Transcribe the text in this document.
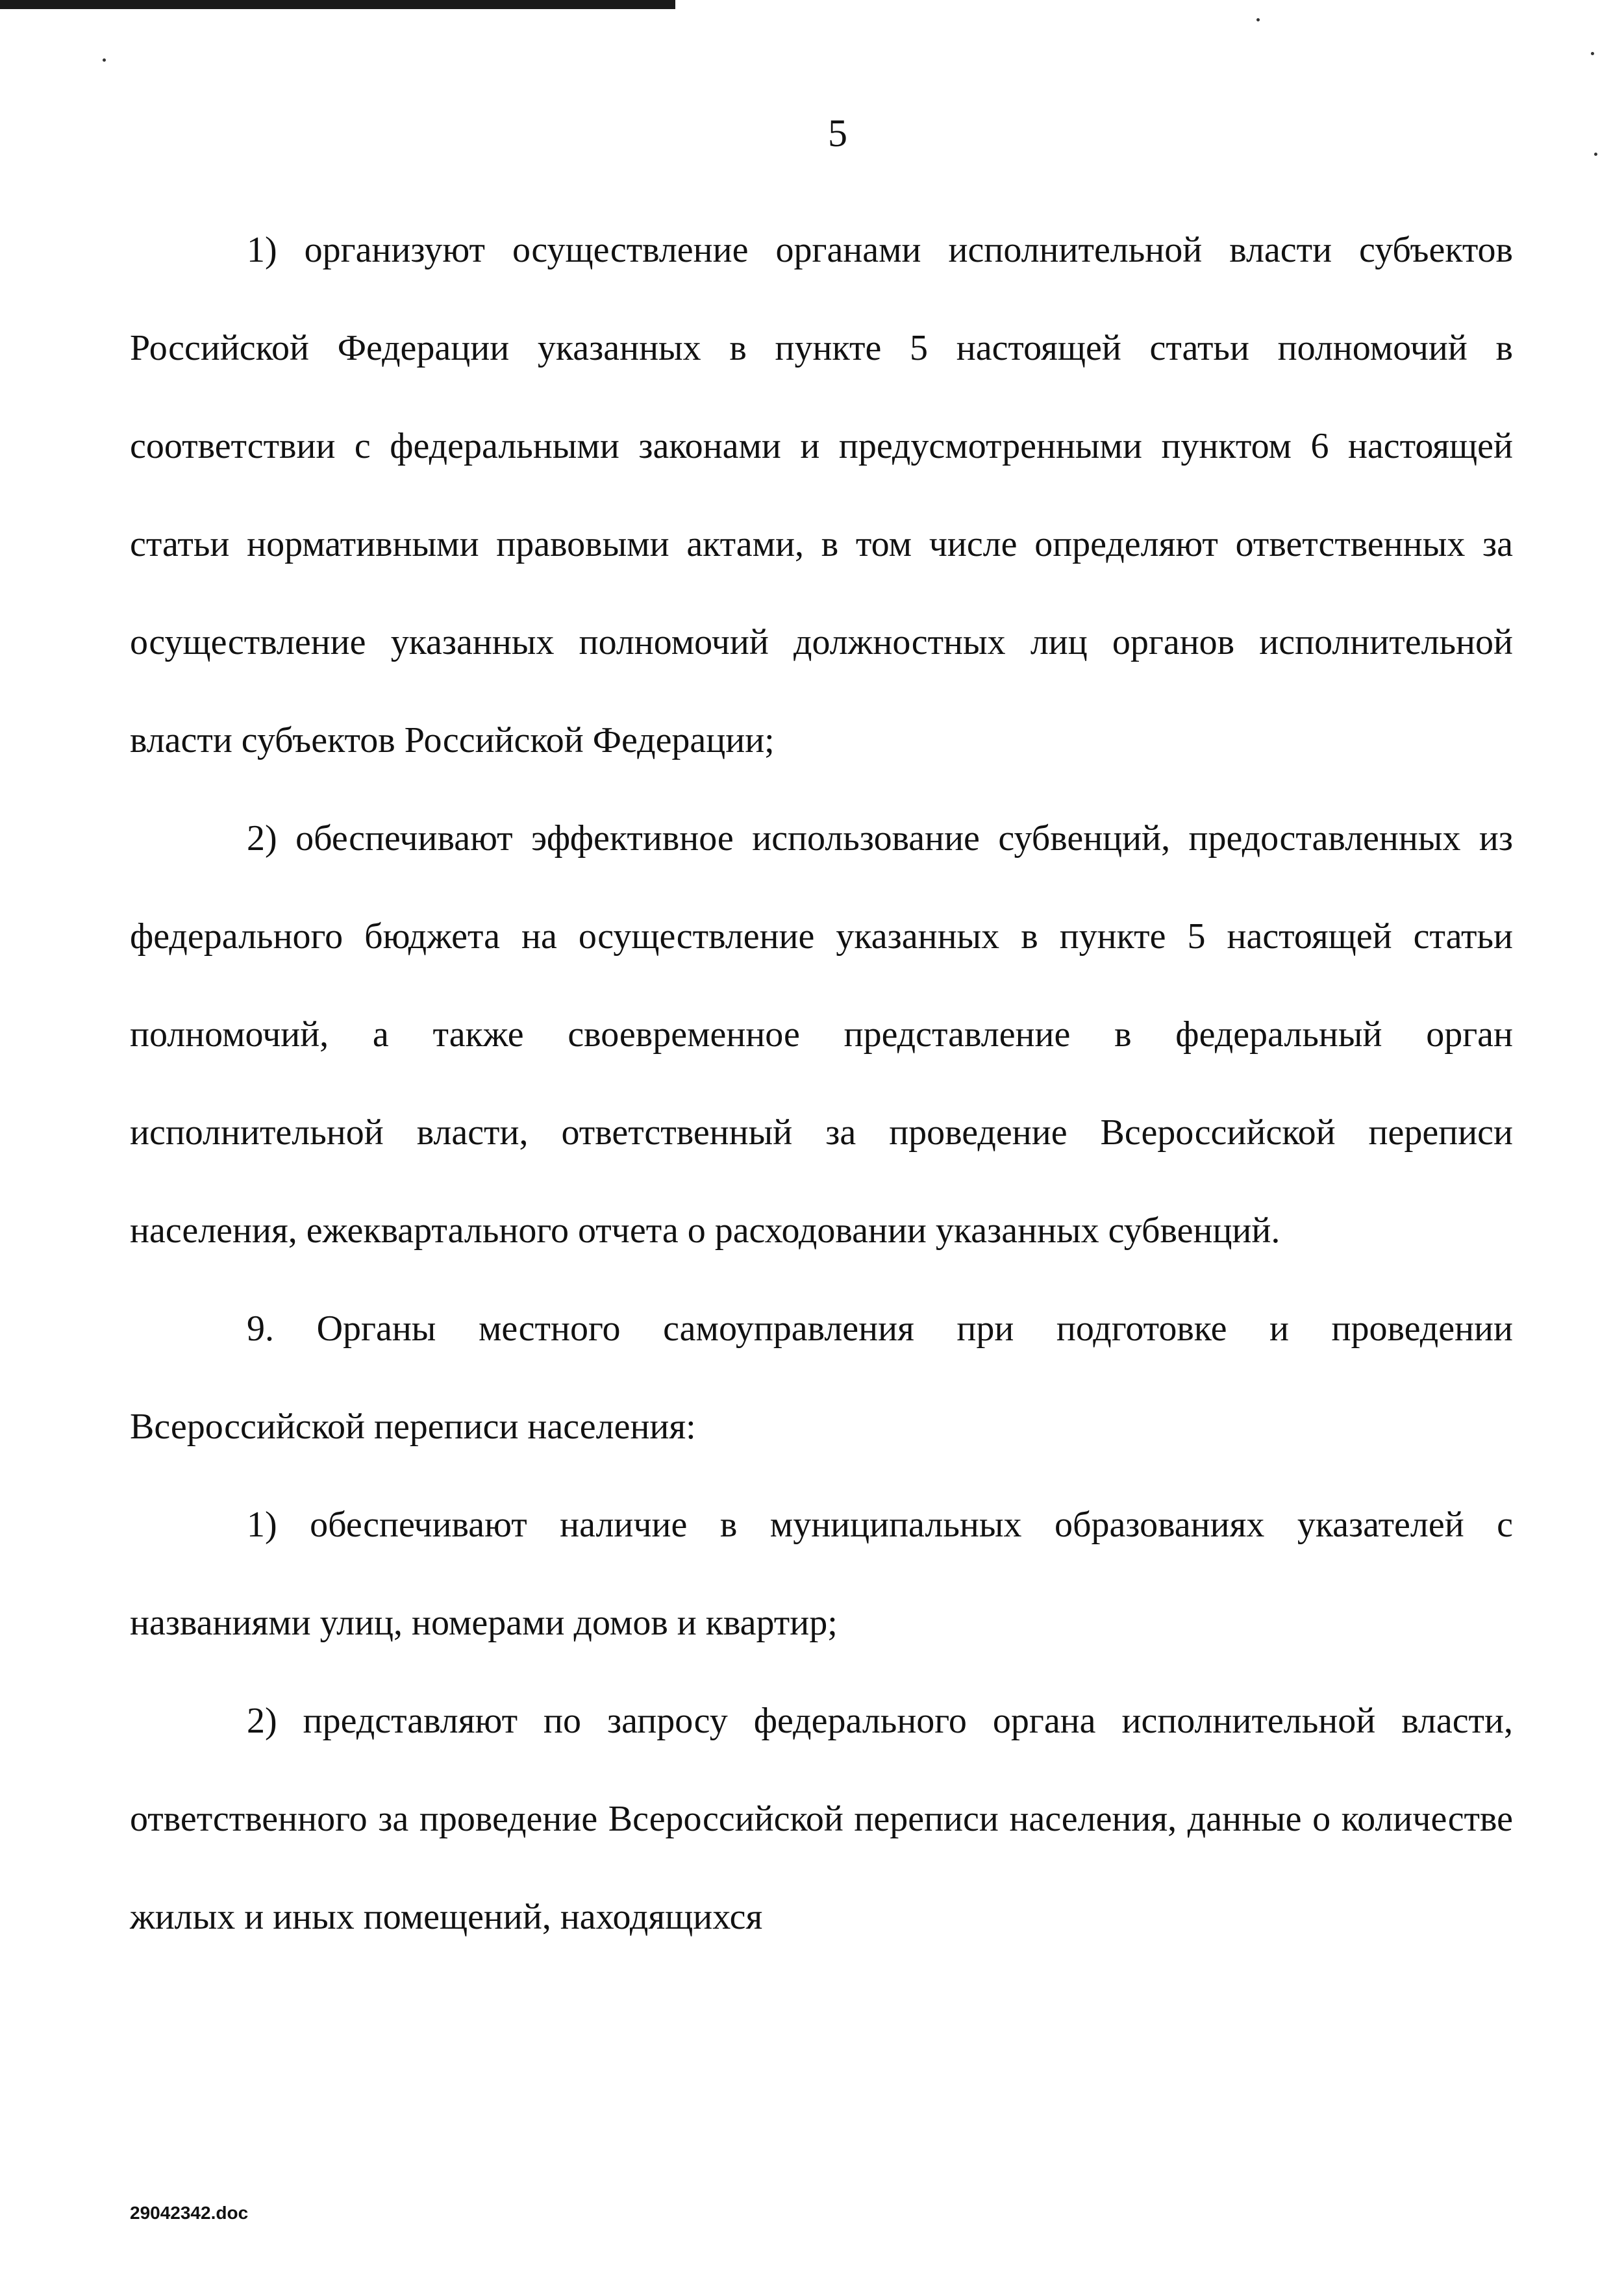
5

1) организуют осуществление органами исполнительной власти субъектов Российской Федерации указанных в пункте 5 настоящей статьи полномочий в соответствии с федеральными законами и предусмотренными пунктом 6 настоящей статьи нормативными правовыми актами, в том числе определяют ответственных за осуществление указанных полномочий должностных лиц органов исполнительной власти субъектов Российской Федерации;

2) обеспечивают эффективное использование субвенций, предоставленных из федерального бюджета на осуществление указанных в пункте 5 настоящей статьи полномочий, а также своевременное представление в федеральный орган исполнительной власти, ответственный за проведение Всероссийской переписи населения, ежеквартального отчета о расходовании указанных субвенций.

9. Органы местного самоуправления при подготовке и проведении Всероссийской переписи населения:

1) обеспечивают наличие в муниципальных образованиях указателей с названиями улиц, номерами домов и квартир;

2) представляют по запросу федерального органа исполнительной власти, ответственного за проведение Всероссийской переписи населения, данные о количестве жилых и иных помещений, находящихся

29042342.doc
